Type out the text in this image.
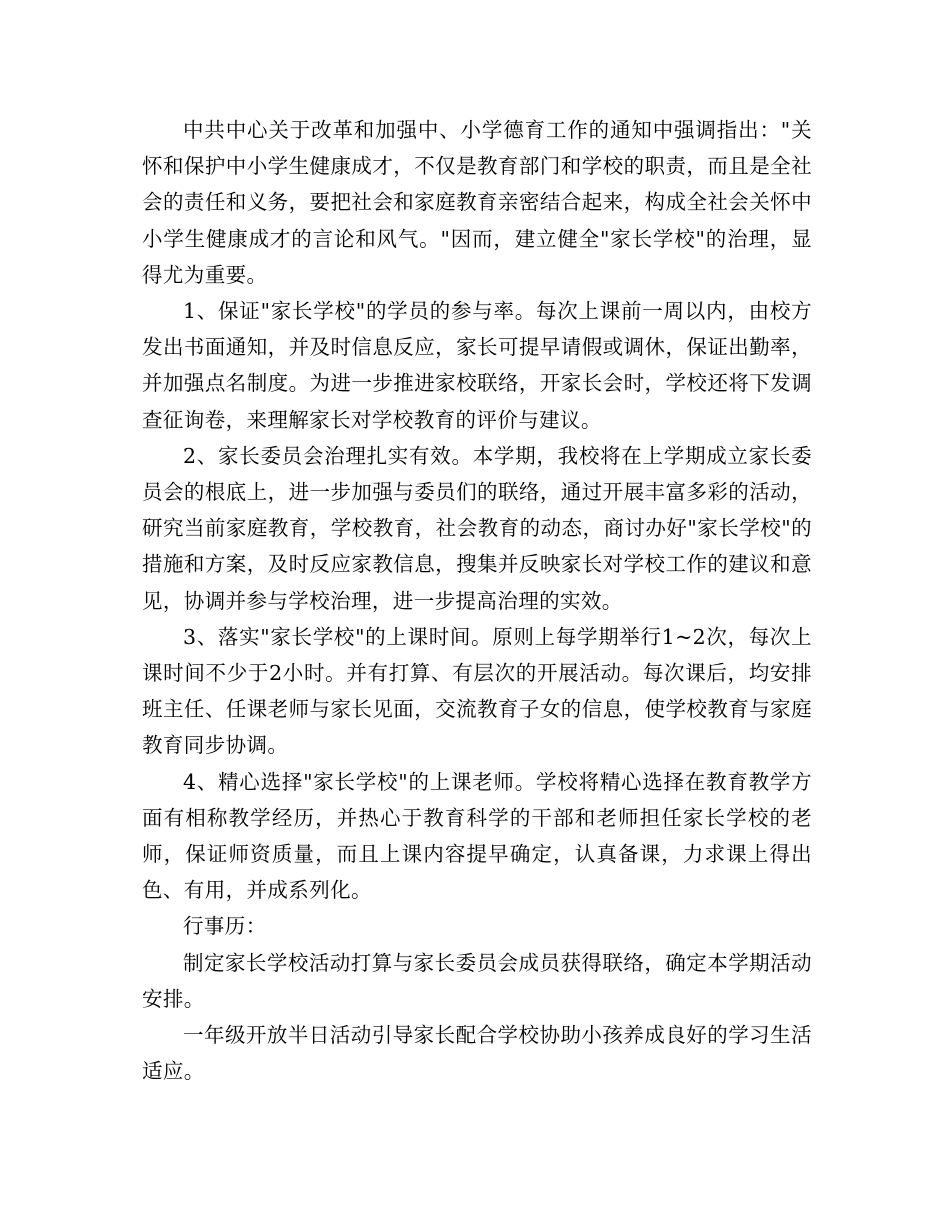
中共中心关于改革和加强中、小学德育工作的通知中强调指出："关怀和保护中小学生健康成才，不仅是教育部门和学校的职责，而且是全社会的责任和义务，要把社会和家庭教育亲密结合起来，构成全社会关怀中小学生健康成才的言论和风气。"因而，建立健全"家长学校"的治理，显得尤为重要。

1、保证"家长学校"的学员的参与率。每次上课前一周以内，由校方发出书面通知，并及时信息反应，家长可提早请假或调休，保证出勤率，并加强点名制度。为进一步推进家校联络，开家长会时，学校还将下发调查征询卷，来理解家长对学校教育的评价与建议。

2、家长委员会治理扎实有效。本学期，我校将在上学期成立家长委员会的根底上，进一步加强与委员们的联络，通过开展丰富多彩的活动，研究当前家庭教育，学校教育，社会教育的动态，商讨办好"家长学校"的措施和方案，及时反应家教信息，搜集并反映家长对学校工作的建议和意见，协调并参与学校治理，进一步提高治理的实效。

3、落实"家长学校"的上课时间。原则上每学期举行1~2次，每次上课时间不少于2小时。并有打算、有层次的开展活动。每次课后，均安排班主任、任课老师与家长见面，交流教育子女的信息，使学校教育与家庭教育同步协调。

4、精心选择"家长学校"的上课老师。学校将精心选择在教育教学方面有相称教学经历，并热心于教育科学的干部和老师担任家长学校的老师，保证师资质量，而且上课内容提早确定，认真备课，力求课上得出色、有用，并成系列化。

行事历：

制定家长学校活动打算与家长委员会成员获得联络，确定本学期活动安排。

一年级开放半日活动引导家长配合学校协助小孩养成良好的学习生活适应。
